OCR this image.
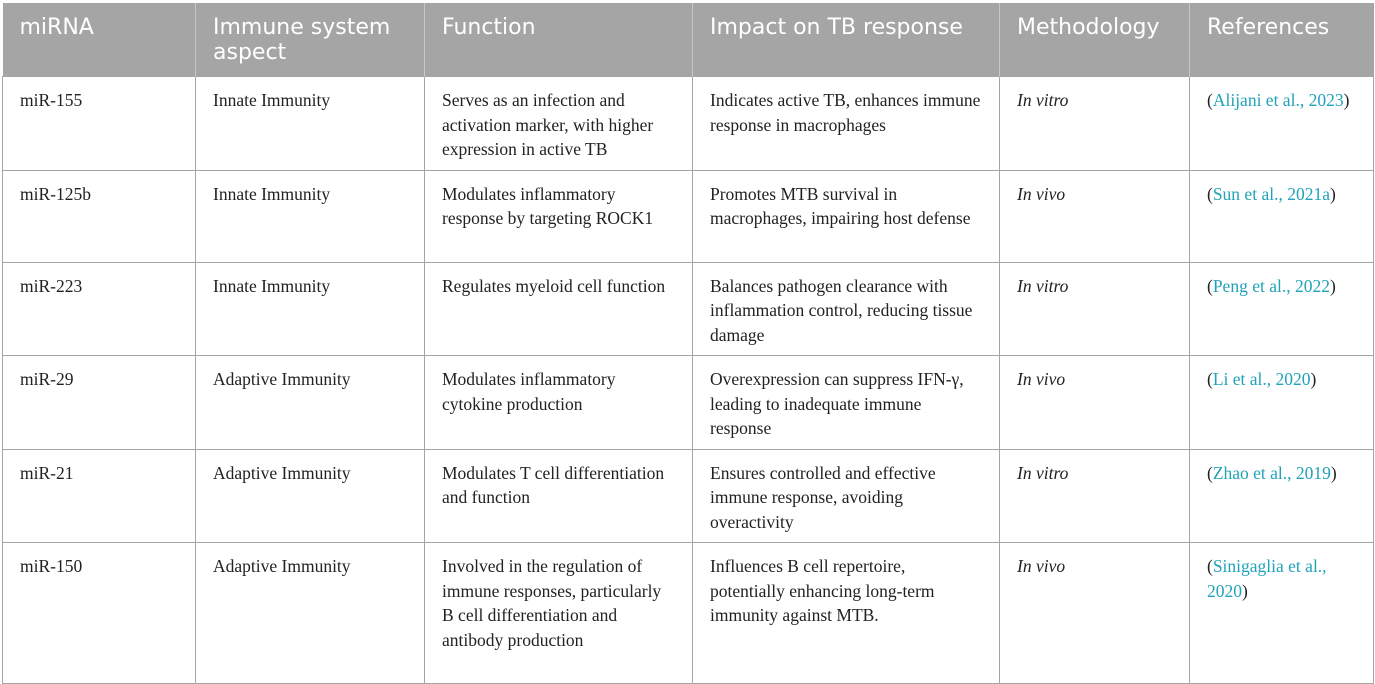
miRNA	Immune system aspect	Function	Impact on TB response	Methodology	References
miR-155	Innate Immunity	Serves as an infection and activation marker, with higher expression in active TB	Indicates active TB, enhances immune response in macrophages	In vitro	(Alijani et al., 2023)
miR-125b	Innate Immunity	Modulates inflammatory response by targeting ROCK1	Promotes MTB survival in macrophages, impairing host defense	In vivo	(Sun et al., 2021a)
miR-223	Innate Immunity	Regulates myeloid cell function	Balances pathogen clearance with inflammation control, reducing tissue damage	In vitro	(Peng et al., 2022)
miR-29	Adaptive Immunity	Modulates inflammatory cytokine production	Overexpression can suppress IFN-γ, leading to inadequate immune response	In vivo	(Li et al., 2020)
miR-21	Adaptive Immunity	Modulates T cell differentiation and function	Ensures controlled and effective immune response, avoiding overactivity	In vitro	(Zhao et al., 2019)
miR-150	Adaptive Immunity	Involved in the regulation of immune responses, particularly B cell differentiation and antibody production	Influences B cell repertoire, potentially enhancing long-term immunity against MTB.	In vivo	(Sinigaglia et al., 2020)
